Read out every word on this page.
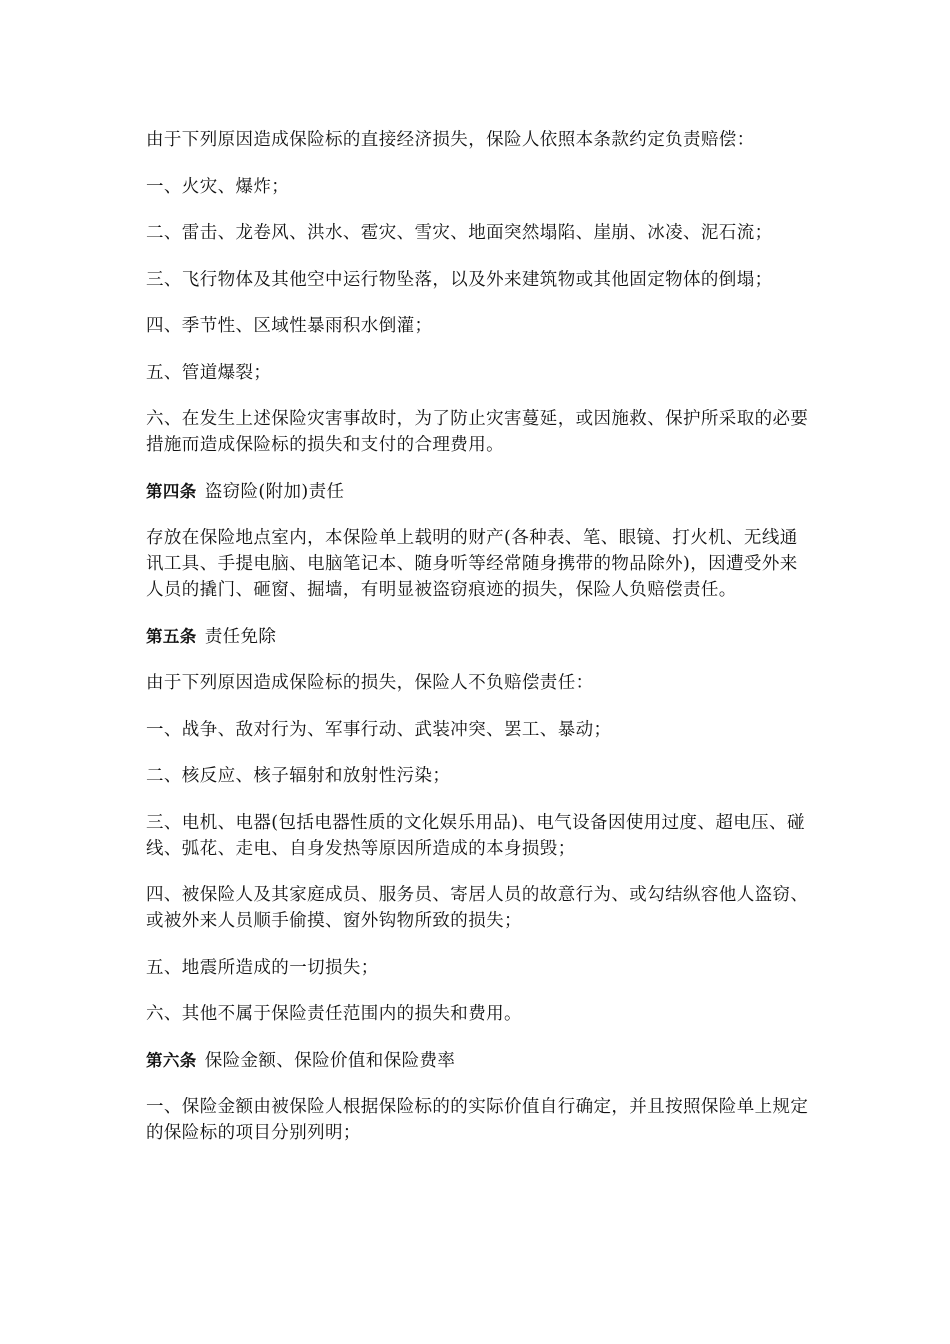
由于下列原因造成保险标的直接经济损失，保险人依照本条款约定负责赔偿：

一、火灾、爆炸；

二、雷击、龙卷风、洪水、雹灾、雪灾、地面突然塌陷、崖崩、冰凌、泥石流；

三、飞行物体及其他空中运行物坠落，以及外来建筑物或其他固定物体的倒塌；

四、季节性、区域性暴雨积水倒灌；

五、管道爆裂；

六、在发生上述保险灾害事故时，为了防止灾害蔓延，或因施救、保护所采取的必要措施而造成保险标的损失和支付的合理费用。

第四条 盗窃险(附加)责任

存放在保险地点室内，本保险单上载明的财产(各种表、笔、眼镜、打火机、无线通讯工具、手提电脑、电脑笔记本、随身听等经常随身携带的物品除外)，因遭受外来人员的撬门、砸窗、掘墙，有明显被盗窃痕迹的损失，保险人负赔偿责任。

第五条 责任免除

由于下列原因造成保险标的损失，保险人不负赔偿责任：

一、战争、敌对行为、军事行动、武装冲突、罢工、暴动；

二、核反应、核子辐射和放射性污染；

三、电机、电器(包括电器性质的文化娱乐用品)、电气设备因使用过度、超电压、碰线、弧花、走电、自身发热等原因所造成的本身损毁；

四、被保险人及其家庭成员、服务员、寄居人员的故意行为、或勾结纵容他人盗窃、或被外来人员顺手偷摸、窗外钩物所致的损失；

五、地震所造成的一切损失；

六、其他不属于保险责任范围内的损失和费用。

第六条 保险金额、保险价值和保险费率

一、保险金额由被保险人根据保险标的的实际价值自行确定，并且按照保险单上规定的保险标的项目分别列明；
